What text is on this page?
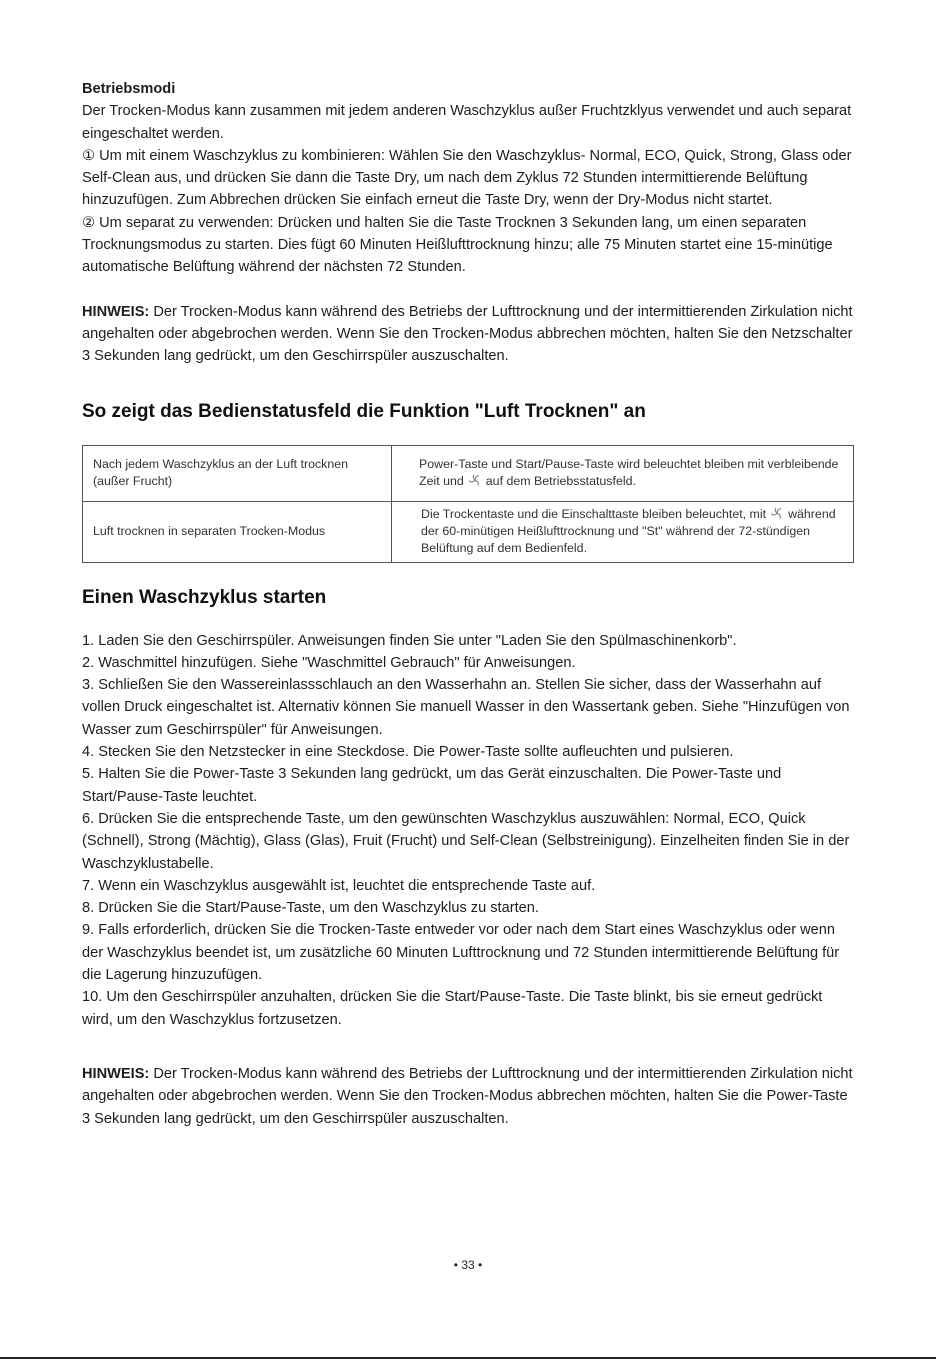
Betriebsmodi

Der Trocken-Modus kann zusammen mit jedem anderen Waschzyklus außer Fruchtzklyus verwendet und auch separat eingeschaltet werden.

① Um mit einem Waschzyklus zu kombinieren: Wählen Sie den Waschzyklus- Normal, ECO, Quick, Strong, Glass oder Self-Clean aus, und drücken Sie dann die Taste Dry, um nach dem Zyklus 72 Stunden intermittierende Belüftung hinzuzufügen. Zum Abbrechen drücken Sie einfach erneut die Taste Dry, wenn der Dry-Modus nicht startet.

② Um separat zu verwenden: Drücken und halten Sie die Taste Trocknen 3 Sekunden lang, um einen separaten Trocknungsmodus zu starten. Dies fügt 60 Minuten Heißlufttrocknung hinzu; alle 75 Minuten startet eine 15-minütige automatische Belüftung während der nächsten 72 Stunden.

HINWEIS: Der Trocken-Modus kann während des Betriebs der Lufttrocknung und der intermittierenden Zirkulation nicht angehalten oder abgebrochen werden. Wenn Sie den Trocken-Modus abbrechen möchten, halten Sie den Netzschalter 3 Sekunden lang gedrückt, um den Geschirrspüler auszuschalten.

So zeigt das Bedienstatusfeld die Funktion "Luft Trocknen" an
Nach jedem Waschzyklus an der Luft trocknen (außer Frucht)	Power-Taste und Start/Pause-Taste wird beleuchtet bleiben mit verbleibende Zeit und auf dem Betriebsstatusfeld.
Luft trocknen in separaten Trocken-Modus	Die Trockentaste und die Einschalttaste bleiben beleuchtet, mit während der 60-minütigen Heißlufttrocknung und "St" während der 72-stündigen Belüftung auf dem Bedienfeld.
Einen Waschzyklus starten

1. Laden Sie den Geschirrspüler. Anweisungen finden Sie unter "Laden Sie den Spülmaschinenkorb".

2. Waschmittel hinzufügen. Siehe "Waschmittel Gebrauch" für Anweisungen.

3. Schließen Sie den Wassereinlassschlauch an den Wasserhahn an. Stellen Sie sicher, dass der Wasserhahn auf vollen Druck eingeschaltet ist. Alternativ können Sie manuell Wasser in den Wassertank geben. Siehe "Hinzufügen von Wasser zum Geschirrspüler" für Anweisungen.

4. Stecken Sie den Netzstecker in eine Steckdose. Die Power-Taste sollte aufleuchten und pulsieren.

5. Halten Sie die Power-Taste 3 Sekunden lang gedrückt, um das Gerät einzuschalten. Die Power-Taste und Start/Pause-Taste leuchtet.

6. Drücken Sie die entsprechende Taste, um den gewünschten Waschzyklus auszuwählen: Normal, ECO, Quick (Schnell), Strong (Mächtig), Glass (Glas), Fruit (Frucht) und Self-Clean (Selbstreinigung). Einzelheiten finden Sie in der Waschzyklustabelle.

7. Wenn ein Waschzyklus ausgewählt ist, leuchtet die entsprechende Taste auf.

8. Drücken Sie die Start/Pause-Taste, um den Waschzyklus zu starten.

9. Falls erforderlich, drücken Sie die Trocken-Taste entweder vor oder nach dem Start eines Waschzyklus oder wenn der Waschzyklus beendet ist, um zusätzliche 60 Minuten Lufttrocknung und 72 Stunden intermittierende Belüftung für die Lagerung hinzuzufügen.

10. Um den Geschirrspüler anzuhalten, drücken Sie die Start/Pause-Taste. Die Taste blinkt, bis sie erneut gedrückt wird, um den Waschzyklus fortzusetzen.

HINWEIS: Der Trocken-Modus kann während des Betriebs der Lufttrocknung und der intermittierenden Zirkulation nicht angehalten oder abgebrochen werden. Wenn Sie den Trocken-Modus abbrechen möchten, halten Sie die Power-Taste 3 Sekunden lang gedrückt, um den Geschirrspüler auszuschalten.

• 33 •
